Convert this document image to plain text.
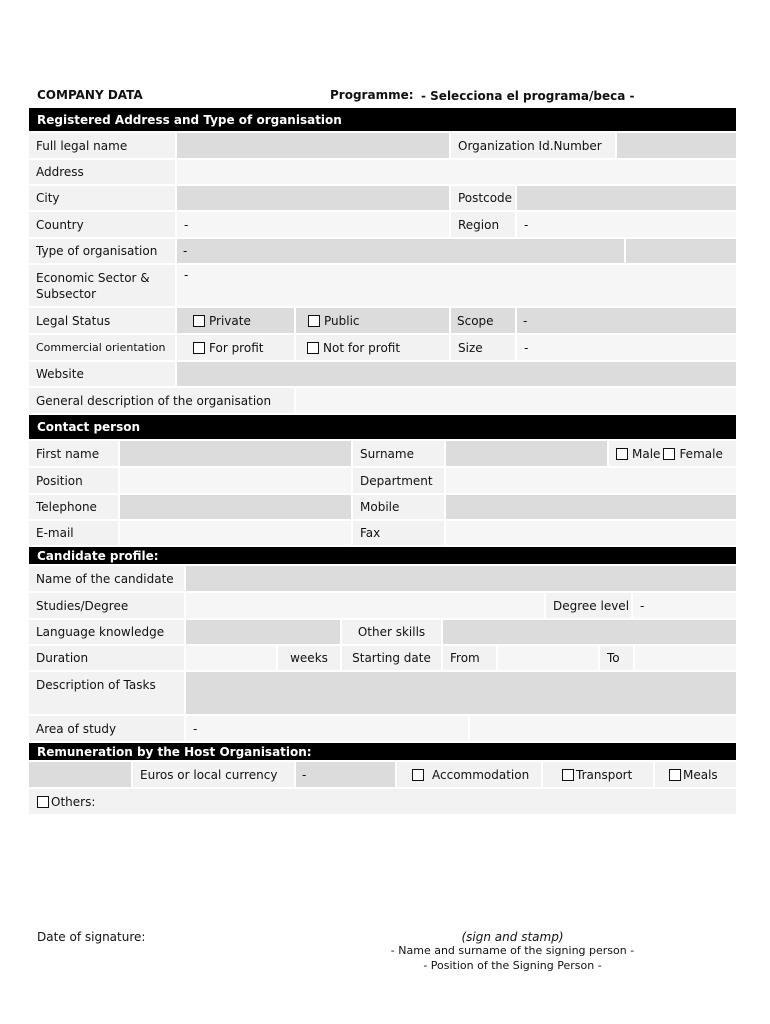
COMPANY DATA	Programme: - Selecciona el programa/beca -
Registered Address and Type of organisation
Full legal name	Organization Id.Number
Address
City	Postcode
Country	-	Region	-
Type of organisation	-
Economic Sector & Subsector
-
Legal Status	Private	Public	Scope	-
Commercial orientation	For profit	Not for profit	Size	-
Website
General description of the organisation
Contact person
First name	Surname	Male Female
Position	Department
Telephone	Mobile
E-mail	Fax
Candidate profile:
Name of the candidate
Studies/Degree	Degree level -
Language knowledge	Other skills
Duration	weeks	Starting date	From	To
Description of Tasks
Area of study	-
Remuneration by the Host Organisation:
Euros or local currency	-	Accommodation	Transport	Meals
Others:
Date of signature:	(sign and stamp)
- Name and surname of the signing person -
- Position of the Signing Person -
